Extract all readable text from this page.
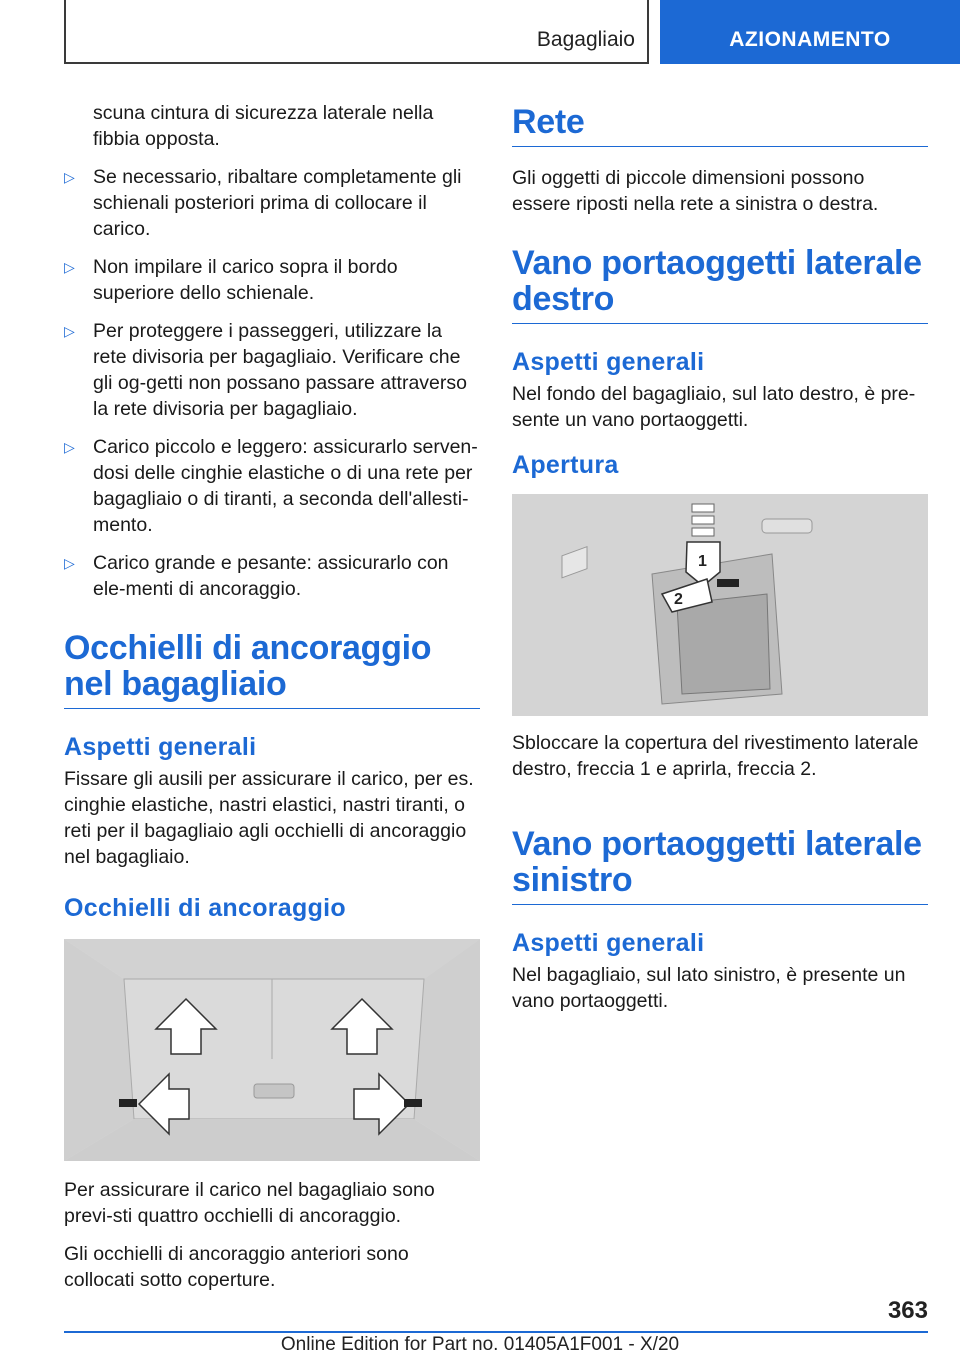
Bagagliaio	AZIONAMENTO

scuna cintura di sicurezza laterale nella fibbia opposta.

▷ Se necessario, ribaltare completamente gli schienali posteriori prima di collocare il carico.
▷ Non impilare il carico sopra il bordo superiore dello schienale.
▷ Per proteggere i passeggeri, utilizzare la rete divisoria per bagagliaio. Verificare che gli og-getti non possano passare attraverso la rete divisoria per bagagliaio.
▷ Carico piccolo e leggero: assicurarlo serven-dosi delle cinghie elastiche o di una rete per bagagliaio o di tiranti, a seconda dell'allesti-mento.
▷ Carico grande e pesante: assicurarlo con ele-menti di ancoraggio.
Occhielli di ancoraggio nel bagagliaio
Aspetti generali

Fissare gli ausili per assicurare il carico, per es. cinghie elastiche, nastri elastici, nastri tiranti, o reti per il bagagliaio agli occhielli di ancoraggio nel bagagliaio.

Occhielli di ancoraggio

Per assicurare il carico nel bagagliaio sono previ-sti quattro occhielli di ancoraggio.

Gli occhielli di ancoraggio anteriori sono collocati sotto coperture.

Rete

Gli oggetti di piccole dimensioni possono essere riposti nella rete a sinistra o destra.

Vano portaoggetti laterale destro
Aspetti generali

Nel fondo del bagagliaio, sul lato destro, è pre-sente un vano portaoggetti.

Apertura
1
2

Sbloccare la copertura del rivestimento laterale destro, freccia 1 e aprirla, freccia 2.

Vano portaoggetti laterale sinistro
Aspetti generali

Nel bagagliaio, sul lato sinistro, è presente un vano portaoggetti.

363
Online Edition for Part no. 01405A1F001 - X/20
